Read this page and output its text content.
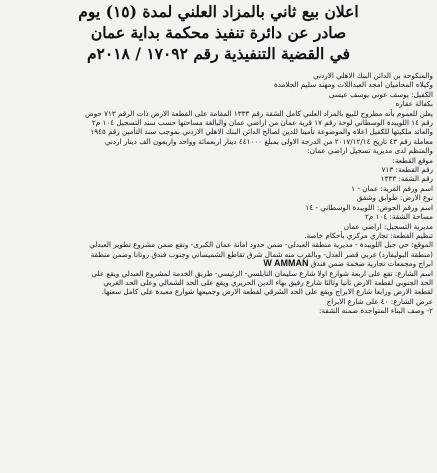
اعلان بيع ثاني بالمزاد العلني لمدة (١٥) يوم

صادر عن دائرة تنفيذ محكمة بداية عمان

في القضية التنفيذية رقم ١٧٠٩٢ / ٢٠١٨م

والمنكوحة بن الدائن البنك الاهلي الاردني

وكيلاه المحاميان امجد العبداللات ومهند سليم الجلامدة

الكفيل: يوسف عوني يوسف عيسى

بكفالة عقاره

يعلن للعموم بأنه مطروح للبيع بالمزاد العلني كامل الشقة رقم ١٣٣٣ المقامة على القطعة الارض ذات الرقم ٧١٣ حوض

رقم ١٤ اللويبدة الوسطاني لوحة رقم ١٧ قرية عمان من اراضي عمان والبالغة مساحتها حسب سند التسجيل ١٠٤ م٢

والعائد ملكيتها للكفيل اعلاه والموضوعة تأمينا للدين لصالح الدائن البنك الاهلي الاردني بموجب سند التأمين رقم ١٩٤٥

معاملة رقم ٤٣ تاريخ ٢٠١٧/١٢/١٤ من الدرجة الاولى بمبلغ ٤٤١٠٠٠ دينار اربعمائة وواحد واربعون الف دينار اردني

والمنظم لدى مديرية تسجيل اراضي عمان:

موقع القطعة:

رقم القطعة: ٧١٣

رقم الشقة: ١٣٣٣

اسم ورقم القرية: عمان - ١

نوع الارض: طوابق وشقق

اسم ورقم الحوض: اللويبدة الوسطاني - ١٤

مساحة الشقة: ١٠٤ م٢

مديرية التسجيل: اراضي عمان

تنظيم القطعة: تجاري مركزي بأحكام خاصة.

الموقع: حي جبل اللويبدة - مديرية منطقة العبدلي- ضمن حدود امانة عمان الكبرى- وتقع ضمن مشروع تطوير العبدلي

(منطقة البوليفارد) غربي قصر العدل- وبالقرب منه شمال شرق تقاطع الشميساني وجنوب فندق روتانا وضمن منطقة

ابراج ومجمعات تجارية ضخمة ضمن فندق W AMMAN

اسم الشارع: تقع على اربعة شوارع اولا شارع سليمان النابلسي- الرئيسي- طريق الخدمة لمشروع العبدلي ويقع على

الحد الجنوبي لقطعة الارض ثانيا وثالثا شارع رفيق بهاء الدين الحريري ويقع على الحد الشمالي وعلى الحد الغربي

لقطعة الارض ورابعا شارع الابراج ويقع على الحد الشرقي لقطعة الارض وجميعها شوارع معبدة على كامل سعتها.

عرض الشارع: ٤٠ على شارع الابراج

٢- وصف البناء المتواجدة ضمنه الشقة:
